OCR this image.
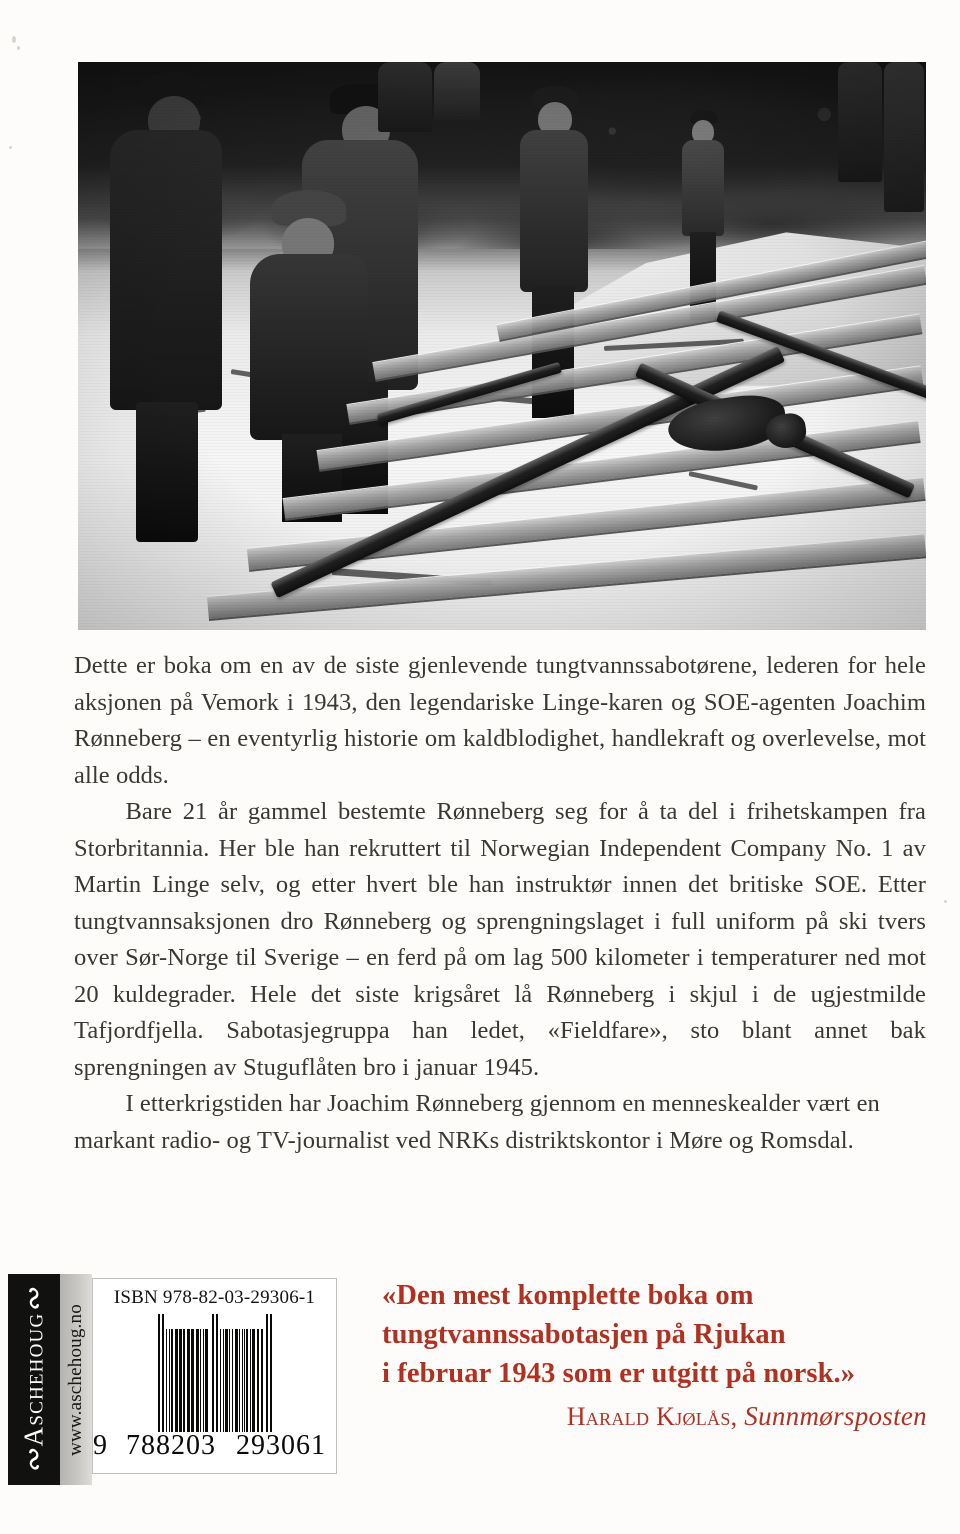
Dette er boka om en av de siste gjenlevende tungtvannssabotørene, lederen for hele aksjonen på Vemork i 1943, den legendariske Linge-karen og SOE-agenten Joachim Rønneberg – en eventyrlig historie om kaldblodighet, handlekraft og overlevelse, mot alle odds.

Bare 21 år gammel bestemte Rønneberg seg for å ta del i frihetskampen fra Storbritannia. Her ble han rekruttert til Norwegian Independent Company No. 1 av Martin Linge selv, og etter hvert ble han instruktør innen det britiske SOE. Etter tungtvannsaksjonen dro Rønneberg og sprengningslaget i full uniform på ski tvers over Sør-Norge til Sverige – en ferd på om lag 500 kilometer i temperaturer ned mot 20 kuldegrader. Hele det siste krigsåret lå Rønneberg i skjul i de ugjestmilde Tafjordfjella. Sabotasjegruppa han ledet, «Fieldfare», sto blant annet bak sprengningen av Stuguflåten bro i januar 1945.

I etterkrigstiden har Joachim Rønneberg gjennom en menneskealder vært en markant radio- og TV-journalist ved NRKs distriktskontor i Møre og Romsdal.

∾
Aschehoug
∾
www.aschehoug.no
ISBN 978-82-03-29306-1
9 788203 293061
«Den mest komplette boka om
tungtvannssabotasjen på Rjukan
i februar 1943 som er utgitt på norsk.»
Harald Kjølås, Sunnmørsposten
